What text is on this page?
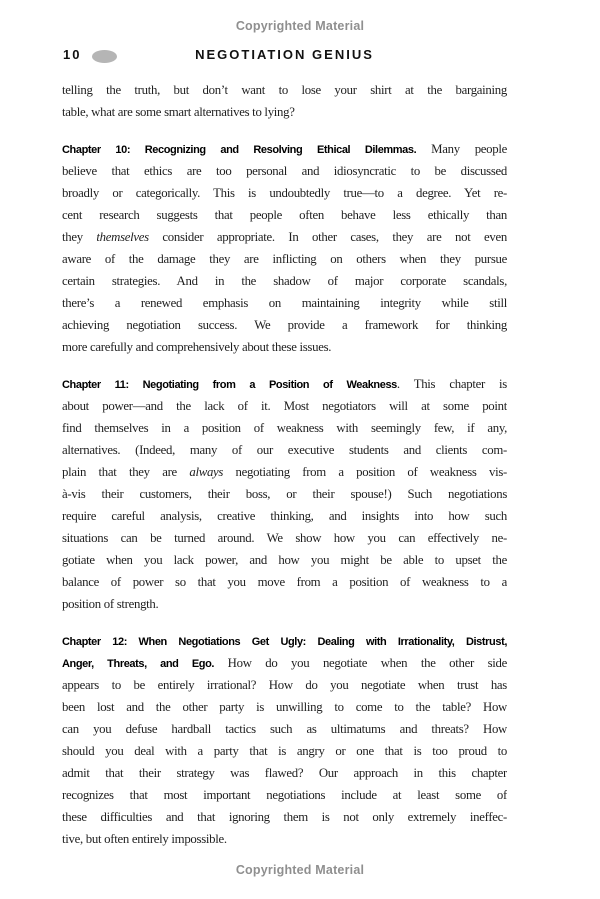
Copyrighted Material
10	NEGOTIATION GENIUS
telling the truth, but don’t want to lose your shirt at the bargaining
table, what are some smart alternatives to lying?
Chapter 10: Recognizing and Resolving Ethical Dilemmas. Many people
believe that ethics are too personal and idiosyncratic to be discussed
broadly or categorically. This is undoubtedly true—to a degree. Yet re-
cent research suggests that people often behave less ethically than
they themselves consider appropriate. In other cases, they are not even
aware of the damage they are inflicting on others when they pursue
certain strategies. And in the shadow of major corporate scandals,
there’s a renewed emphasis on maintaining integrity while still
achieving negotiation success. We provide a framework for thinking
more carefully and comprehensively about these issues.
Chapter 11: Negotiating from a Position of Weakness. This chapter is
about power—and the lack of it. Most negotiators will at some point
find themselves in a position of weakness with seemingly few, if any,
alternatives. (Indeed, many of our executive students and clients com-
plain that they are always negotiating from a position of weakness vis-
à-vis their customers, their boss, or their spouse!) Such negotiations
require careful analysis, creative thinking, and insights into how such
situations can be turned around. We show how you can effectively ne-
gotiate when you lack power, and how you might be able to upset the
balance of power so that you move from a position of weakness to a
position of strength.
Chapter 12: When Negotiations Get Ugly: Dealing with Irrationality, Distrust,
Anger, Threats, and Ego. How do you negotiate when the other side
appears to be entirely irrational? How do you negotiate when trust has
been lost and the other party is unwilling to come to the table? How
can you defuse hardball tactics such as ultimatums and threats? How
should you deal with a party that is angry or one that is too proud to
admit that their strategy was flawed? Our approach in this chapter
recognizes that most important negotiations include at least some of
these difficulties and that ignoring them is not only extremely ineffec-
tive, but often entirely impossible.
Copyrighted Material
